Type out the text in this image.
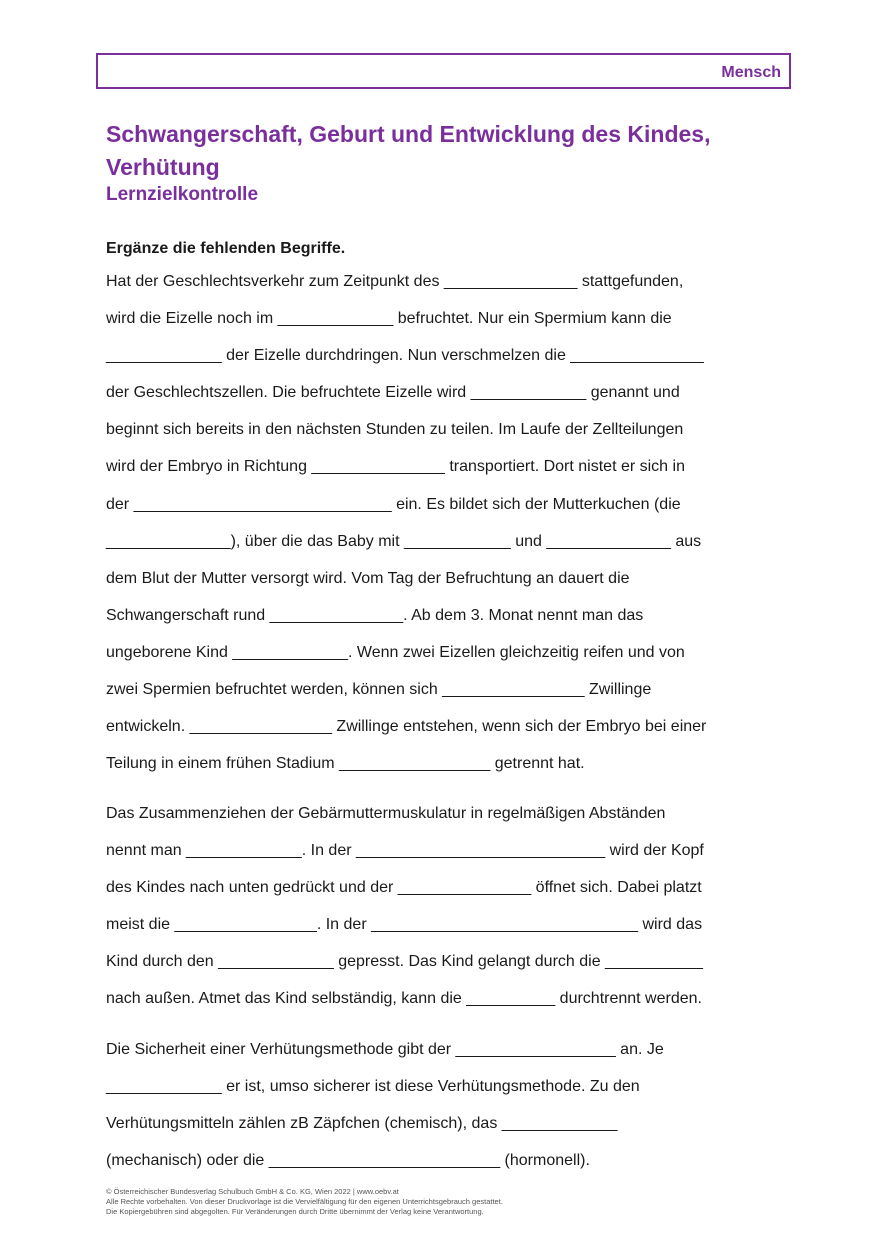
Mensch
Schwangerschaft, Geburt und Entwicklung des Kindes, Verhütung
Lernzielkontrolle
Ergänze die fehlenden Begriffe.
Hat der Geschlechtsverkehr zum Zeitpunkt des _______________ stattgefunden,
wird die Eizelle noch im _____________ befruchtet. Nur ein Spermium kann die
_____________ der Eizelle durchdringen. Nun verschmelzen die _______________
der Geschlechtszellen. Die befruchtete Eizelle wird _____________ genannt und
beginnt sich bereits in den nächsten Stunden zu teilen. Im Laufe der Zellteilungen
wird der Embryo in Richtung _______________ transportiert. Dort nistet er sich in
der _____________________________ ein. Es bildet sich der Mutterkuchen (die
______________), über die das Baby mit ____________ und ______________ aus
dem Blut der Mutter versorgt wird. Vom Tag der Befruchtung an dauert die
Schwangerschaft rund _______________. Ab dem 3. Monat nennt man das
ungeborene Kind _____________. Wenn zwei Eizellen gleichzeitig reifen und von
zwei Spermien befruchtet werden, können sich ________________ Zwillinge
entwickeln. ________________ Zwillinge entstehen, wenn sich der Embryo bei einer
Teilung in einem frühen Stadium _________________ getrennt hat.
Das Zusammenziehen der Gebärmuttermuskulatur in regelmäßigen Abständen
nennt man _____________. In der ____________________________ wird der Kopf
des Kindes nach unten gedrückt und der _______________ öffnet sich. Dabei platzt
meist die ________________. In der ______________________________ wird das
Kind durch den _____________ gepresst. Das Kind gelangt durch die ___________
nach außen. Atmet das Kind selbständig, kann die __________ durchtrennt werden.
Die Sicherheit einer Verhütungsmethode gibt der __________________ an. Je
_____________ er ist, umso sicherer ist diese Verhütungsmethode. Zu den
Verhütungsmitteln zählen zB Zäpfchen (chemisch), das _____________
(mechanisch) oder die __________________________ (hormonell).
© Österreichischer Bundesverlag Schulbuch GmbH & Co. KG, Wien 2022 | www.oebv.at
Alle Rechte vorbehalten. Von dieser Druckvorlage ist die Vervielfältigung für den eigenen Unterrichtsgebrauch gestattet.
Die Kopiergebühren sind abgegolten. Für Veränderungen durch Dritte übernimmt der Verlag keine Verantwortung.
